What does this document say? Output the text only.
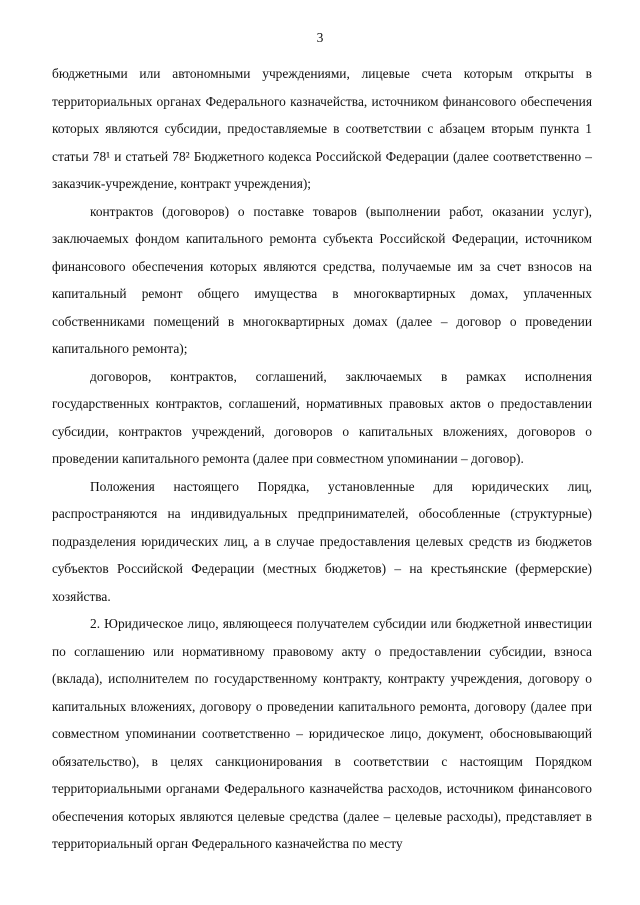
3

бюджетными или автономными учреждениями, лицевые счета которым открыты в территориальных органах Федерального казначейства, источником финансового обеспечения которых являются субсидии, предоставляемые в соответствии с абзацем вторым пункта 1 статьи 78¹ и статьей 78² Бюджетного кодекса Российской Федерации (далее соответственно – заказчик-учреждение, контракт учреждения);

контрактов (договоров) о поставке товаров (выполнении работ, оказании услуг), заключаемых фондом капитального ремонта субъекта Российской Федерации, источником финансового обеспечения которых являются средства, получаемые им за счет взносов на капитальный ремонт общего имущества в многоквартирных домах, уплаченных собственниками помещений в многоквартирных домах (далее – договор о проведении капитального ремонта);

договоров, контрактов, соглашений, заключаемых в рамках исполнения государственных контрактов, соглашений, нормативных правовых актов о предоставлении субсидии, контрактов учреждений, договоров о капитальных вложениях, договоров о проведении капитального ремонта (далее при совместном упоминании – договор).

Положения настоящего Порядка, установленные для юридических лиц, распространяются на индивидуальных предпринимателей, обособленные (структурные) подразделения юридических лиц, а в случае предоставления целевых средств из бюджетов субъектов Российской Федерации (местных бюджетов) – на крестьянские (фермерские) хозяйства.

2. Юридическое лицо, являющееся получателем субсидии или бюджетной инвестиции по соглашению или нормативному правовому акту о предоставлении субсидии, взноса (вклада), исполнителем по государственному контракту, контракту учреждения, договору о капитальных вложениях, договору о проведении капитального ремонта, договору (далее при совместном упоминании соответственно – юридическое лицо, документ, обосновывающий обязательство), в целях санкционирования в соответствии с настоящим Порядком территориальными органами Федерального казначейства расходов, источником финансового обеспечения которых являются целевые средства (далее – целевые расходы), представляет в территориальный орган Федерального казначейства по месту
